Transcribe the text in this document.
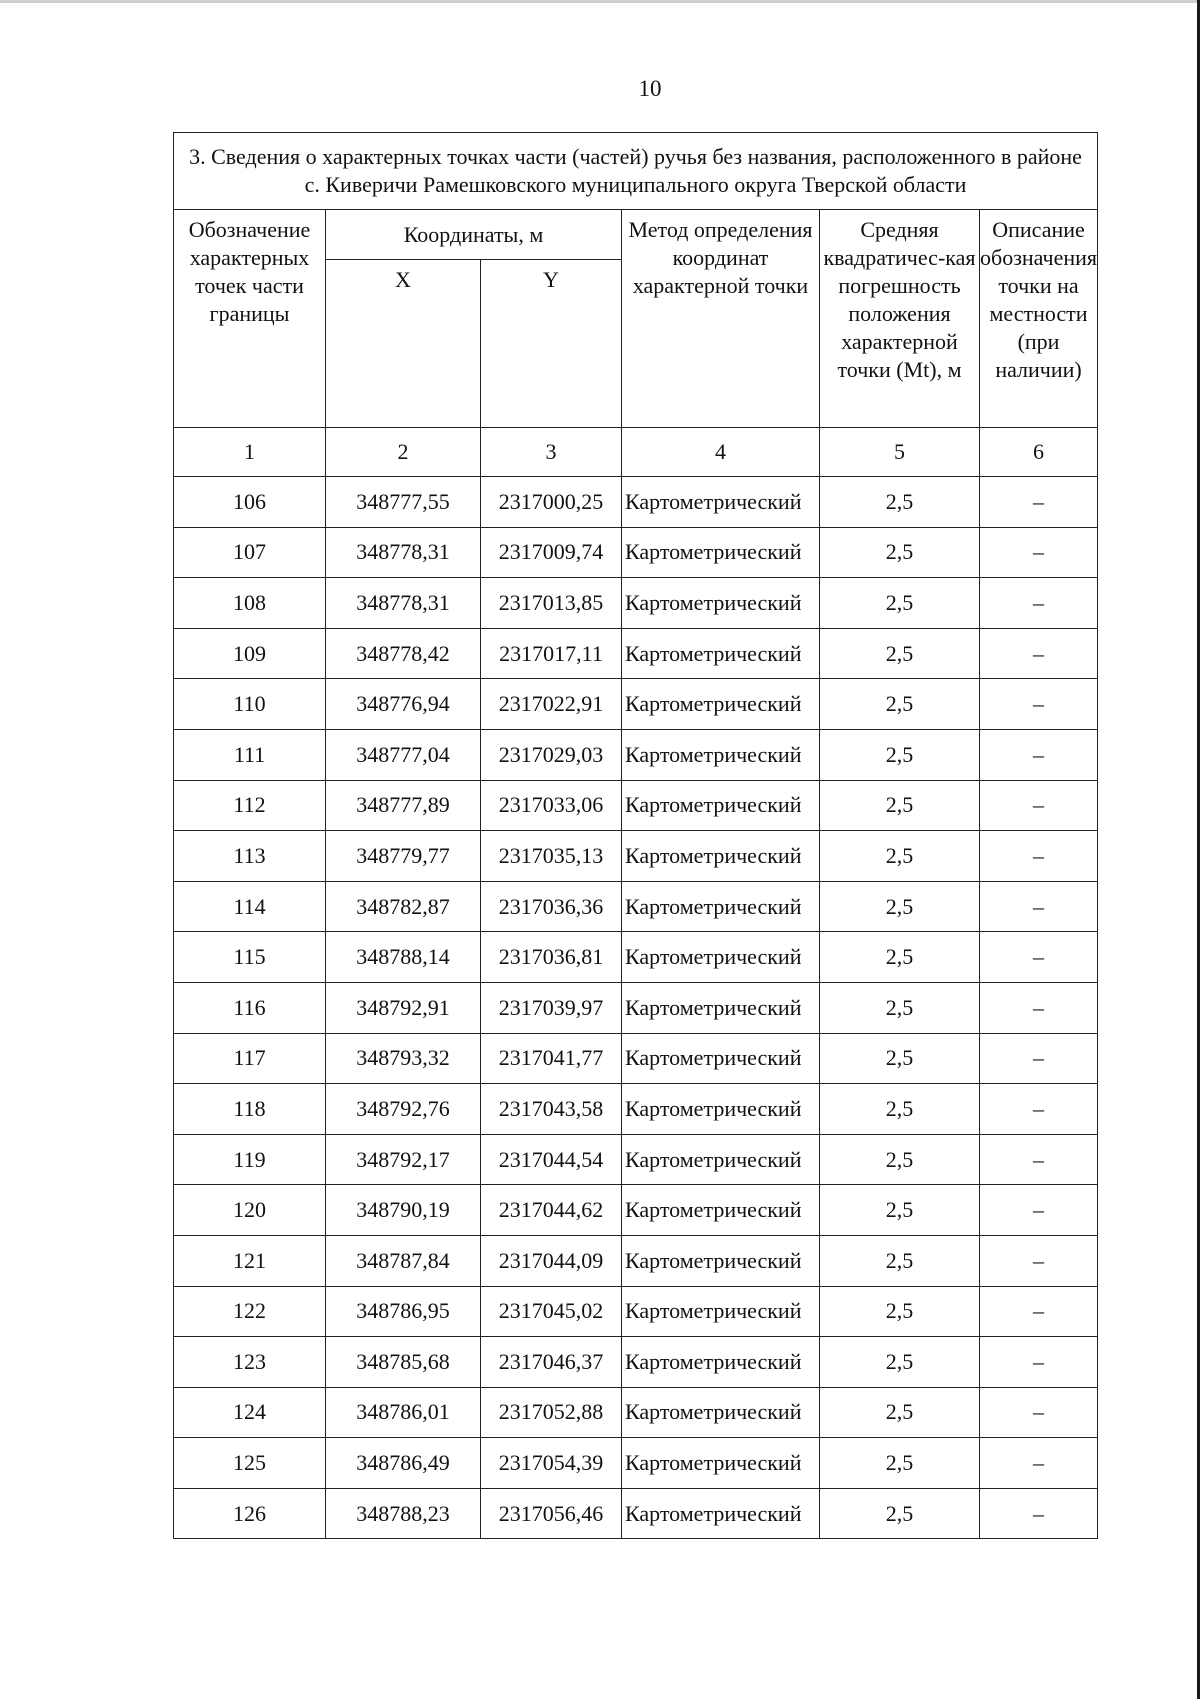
10
3. Сведения о характерных точках части (частей) ручья без названия, расположенного в районе с. Киверичи Рамешковского муниципального округа Тверской области					
Обозначение характерных точек части границы	Координаты, м		Метод определения координат характерной точки	Средняя квадратичес-кая погрешность положения характерной точки (Mt), м	Описание обозначения точки на местности (при наличии)
	X	Y			
1	2	3	4	5	6
106	348777,55	2317000,25	Картометрический	2,5	–
107	348778,31	2317009,74	Картометрический	2,5	–
108	348778,31	2317013,85	Картометрический	2,5	–
109	348778,42	2317017,11	Картометрический	2,5	–
110	348776,94	2317022,91	Картометрический	2,5	–
111	348777,04	2317029,03	Картометрический	2,5	–
112	348777,89	2317033,06	Картометрический	2,5	–
113	348779,77	2317035,13	Картометрический	2,5	–
114	348782,87	2317036,36	Картометрический	2,5	–
115	348788,14	2317036,81	Картометрический	2,5	–
116	348792,91	2317039,97	Картометрический	2,5	–
117	348793,32	2317041,77	Картометрический	2,5	–
118	348792,76	2317043,58	Картометрический	2,5	–
119	348792,17	2317044,54	Картометрический	2,5	–
120	348790,19	2317044,62	Картометрический	2,5	–
121	348787,84	2317044,09	Картометрический	2,5	–
122	348786,95	2317045,02	Картометрический	2,5	–
123	348785,68	2317046,37	Картометрический	2,5	–
124	348786,01	2317052,88	Картометрический	2,5	–
125	348786,49	2317054,39	Картометрический	2,5	–
126	348788,23	2317056,46	Картометрический	2,5	–
